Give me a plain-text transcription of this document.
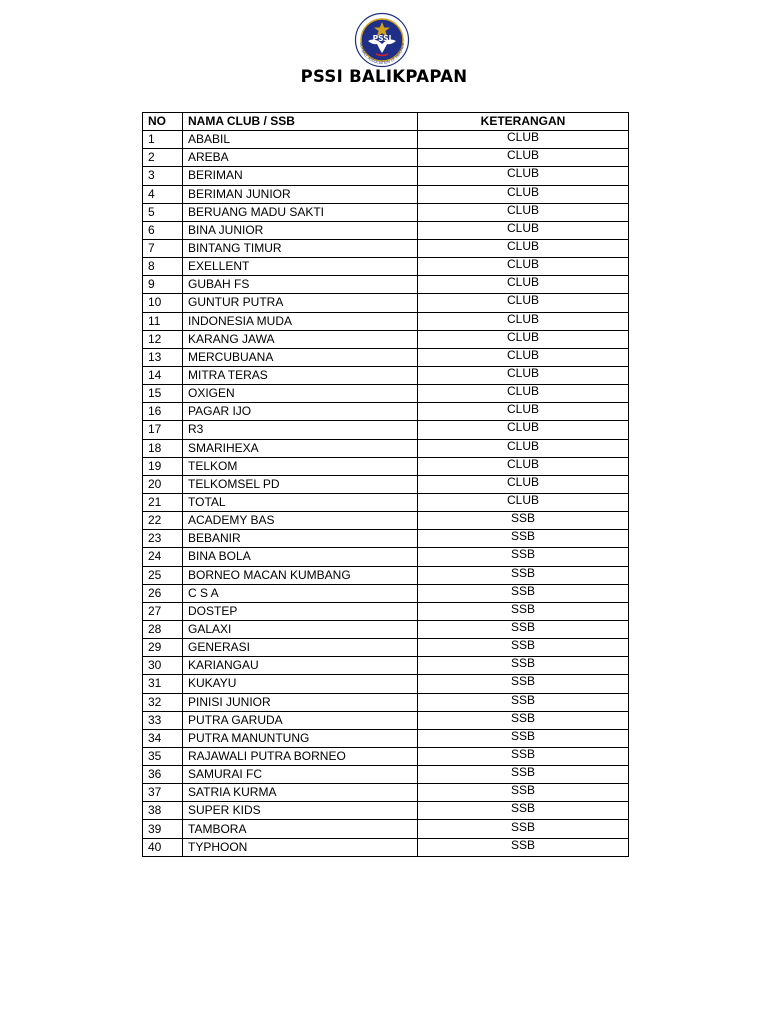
PSSI
OOTBALL ASSOCIATION OF INDONESI
PSSI BALIKPAPAN
NO	NAMA CLUB / SSB	KETERANGAN
1	ABABIL	CLUB
2	AREBA	CLUB
3	BERIMAN	CLUB
4	BERIMAN JUNIOR	CLUB
5	BERUANG MADU SAKTI	CLUB
6	BINA JUNIOR	CLUB
7	BINTANG TIMUR	CLUB
8	EXELLENT	CLUB
9	GUBAH FS	CLUB
10	GUNTUR PUTRA	CLUB
11	INDONESIA MUDA	CLUB
12	KARANG JAWA	CLUB
13	MERCUBUANA	CLUB
14	MITRA TERAS	CLUB
15	OXIGEN	CLUB
16	PAGAR IJO	CLUB
17	R3	CLUB
18	SMARIHEXA	CLUB
19	TELKOM	CLUB
20	TELKOMSEL PD	CLUB
21	TOTAL	CLUB
22	ACADEMY BAS	SSB
23	BEBANIR	SSB
24	BINA BOLA	SSB
25	BORNEO MACAN KUMBANG	SSB
26	C S A	SSB
27	DOSTEP	SSB
28	GALAXI	SSB
29	GENERASI	SSB
30	KARIANGAU	SSB
31	KUKAYU	SSB
32	PINISI JUNIOR	SSB
33	PUTRA GARUDA	SSB
34	PUTRA MANUNTUNG	SSB
35	RAJAWALI PUTRA BORNEO	SSB
36	SAMURAI FC	SSB
37	SATRIA KURMA	SSB
38	SUPER KIDS	SSB
39	TAMBORA	SSB
40	TYPHOON	SSB
